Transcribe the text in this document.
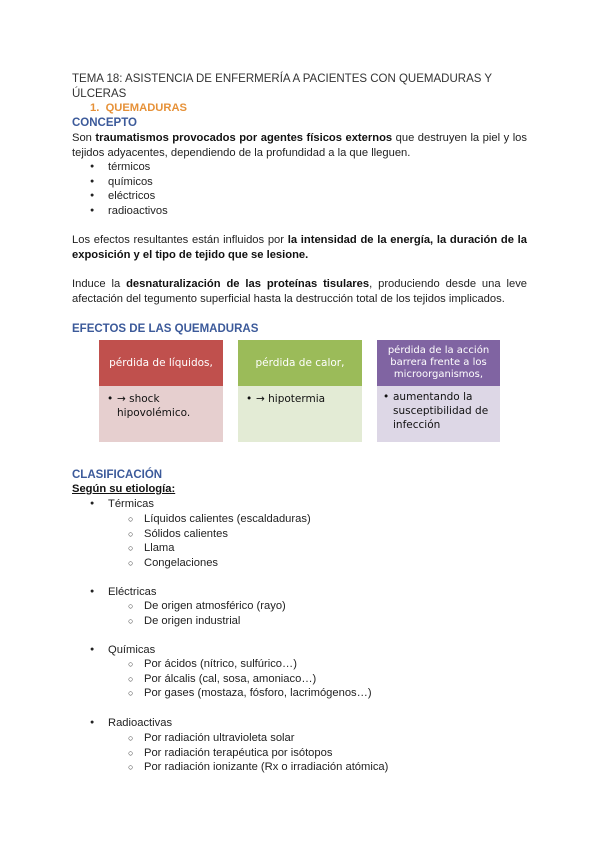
TEMA 18: ASISTENCIA DE ENFERMERÍA A PACIENTES CON QUEMADURAS Y ÚLCERAS
1. QUEMADURAS
CONCEPTO
Son traumatismos provocados por agentes físicos externos que destruyen la piel y los tejidos adyacentes, dependiendo de la profundidad a la que lleguen.
● térmicos
● químicos
● eléctricos
● radioactivos
Los efectos resultantes están influidos por la intensidad de la energía, la duración de la exposición y el tipo de tejido que se lesione.
Induce la desnaturalización de las proteínas tisulares, produciendo desde una leve afectación del tegumento superficial hasta la destrucción total de los tejidos implicados.
EFECTOS DE LAS QUEMADURAS
pérdida de líquidos,
• → shock hipovolémico.
pérdida de calor,
• → hipotermia
pérdida de la acción barrera frente a los microorganismos,
• aumentando la susceptibilidad de infección
CLASIFICACIÓN
Según su etiología:
● Térmicas
○ Líquidos calientes (escaldaduras)
○ Sólidos calientes
○ Llama
○ Congelaciones
● Eléctricas
○ De origen atmosférico (rayo)
○ De origen industrial
● Químicas
○ Por ácidos (nítrico, sulfúrico…)
○ Por álcalis (cal, sosa, amoniaco…)
○ Por gases (mostaza, fósforo, lacrimógenos…)
● Radioactivas
○ Por radiación ultravioleta solar
○ Por radiación terapéutica por isótopos
○ Por radiación ionizante (Rx o irradiación atómica)
